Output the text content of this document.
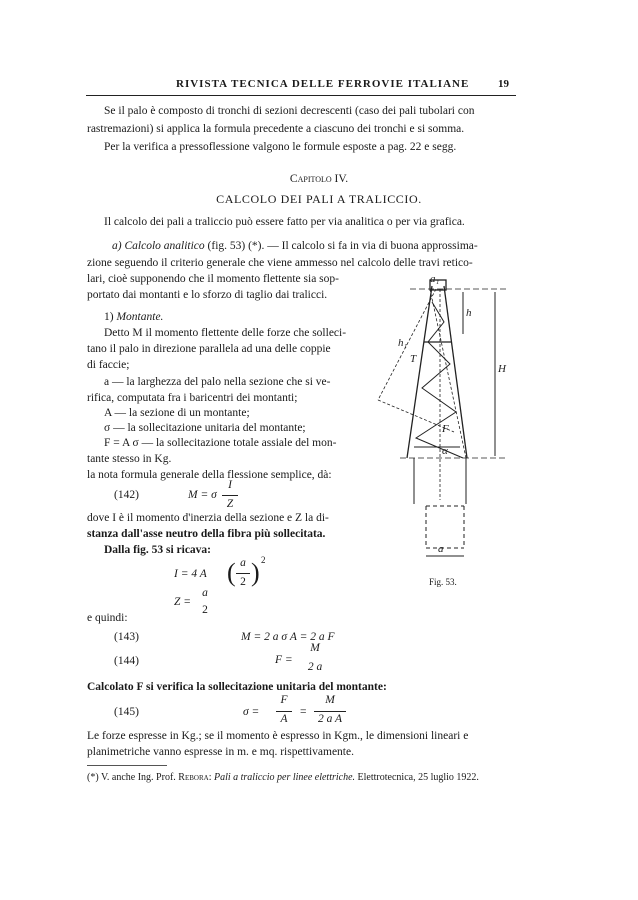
RIVISTA TECNICA DELLE FERROVIE ITALIANE	19
Se il palo è composto di tronchi di sezioni decrescenti (caso dei pali tubolari con
rastremazioni) si applica la formula precedente a ciascuno dei tronchi e si somma.
Per la verifica a pressoflessione valgono le formule esposte a pag. 22 e segg.
Capitolo IV.
CALCOLO DEI PALI A TRALICCIO.
Il calcolo dei pali a traliccio può essere fatto per via analitica o per via grafica.
a) Calcolo analitico (fig. 53) (*). — Il calcolo si fa in via di buona approssima-
zione seguendo il criterio generale che viene ammesso nel calcolo delle travi retico-
lari, cioè supponendo che il momento flettente sia sop-
portato dai montanti e lo sforzo di taglio dai tralicci.
1) Montante.
Detto M il momento flettente delle forze che solleci-
tano il palo in direzione parallela ad una delle coppie
di faccie;
a — la larghezza del palo nella sezione che si ve-
rifica, computata fra i baricentri dei montanti;
A — la sezione di un montante;
σ — la sollecitazione unitaria del montante;
F = A σ — la sollecitazione totale assiale del mon-
tante stesso in Kg.
la nota formula generale della flessione semplice, dà:
(142)	M = σ
I
Z
dove I è il momento d'inerzia della sezione e Z la di-
stanza dall'asse neutro della fibra più sollecitata.
Dalla fig. 53 si ricava:
I = 4 A ( a
2 ) 2
Z =
a
2
e quindi:
(143)	M = 2 a σ A = 2 a F
(144)	F =
M
2 a
Calcolato F si verifica la sollecitazione unitaria del montante:
(145)	σ =
F
A
=
M
2 a A
Le forze espresse in Kg.; se il momento è espresso in Kgm., le dimensioni lineari e
planimetriche vanno espresse in m. e mq. rispettivamente.
(*) V. anche Ing. Prof. Rebora: Pali a traliccio per linee elettriche. Elettrotecnica, 25 luglio 1922.
a₁
h
H
h₁
T
F
α
a
Fig. 53.
